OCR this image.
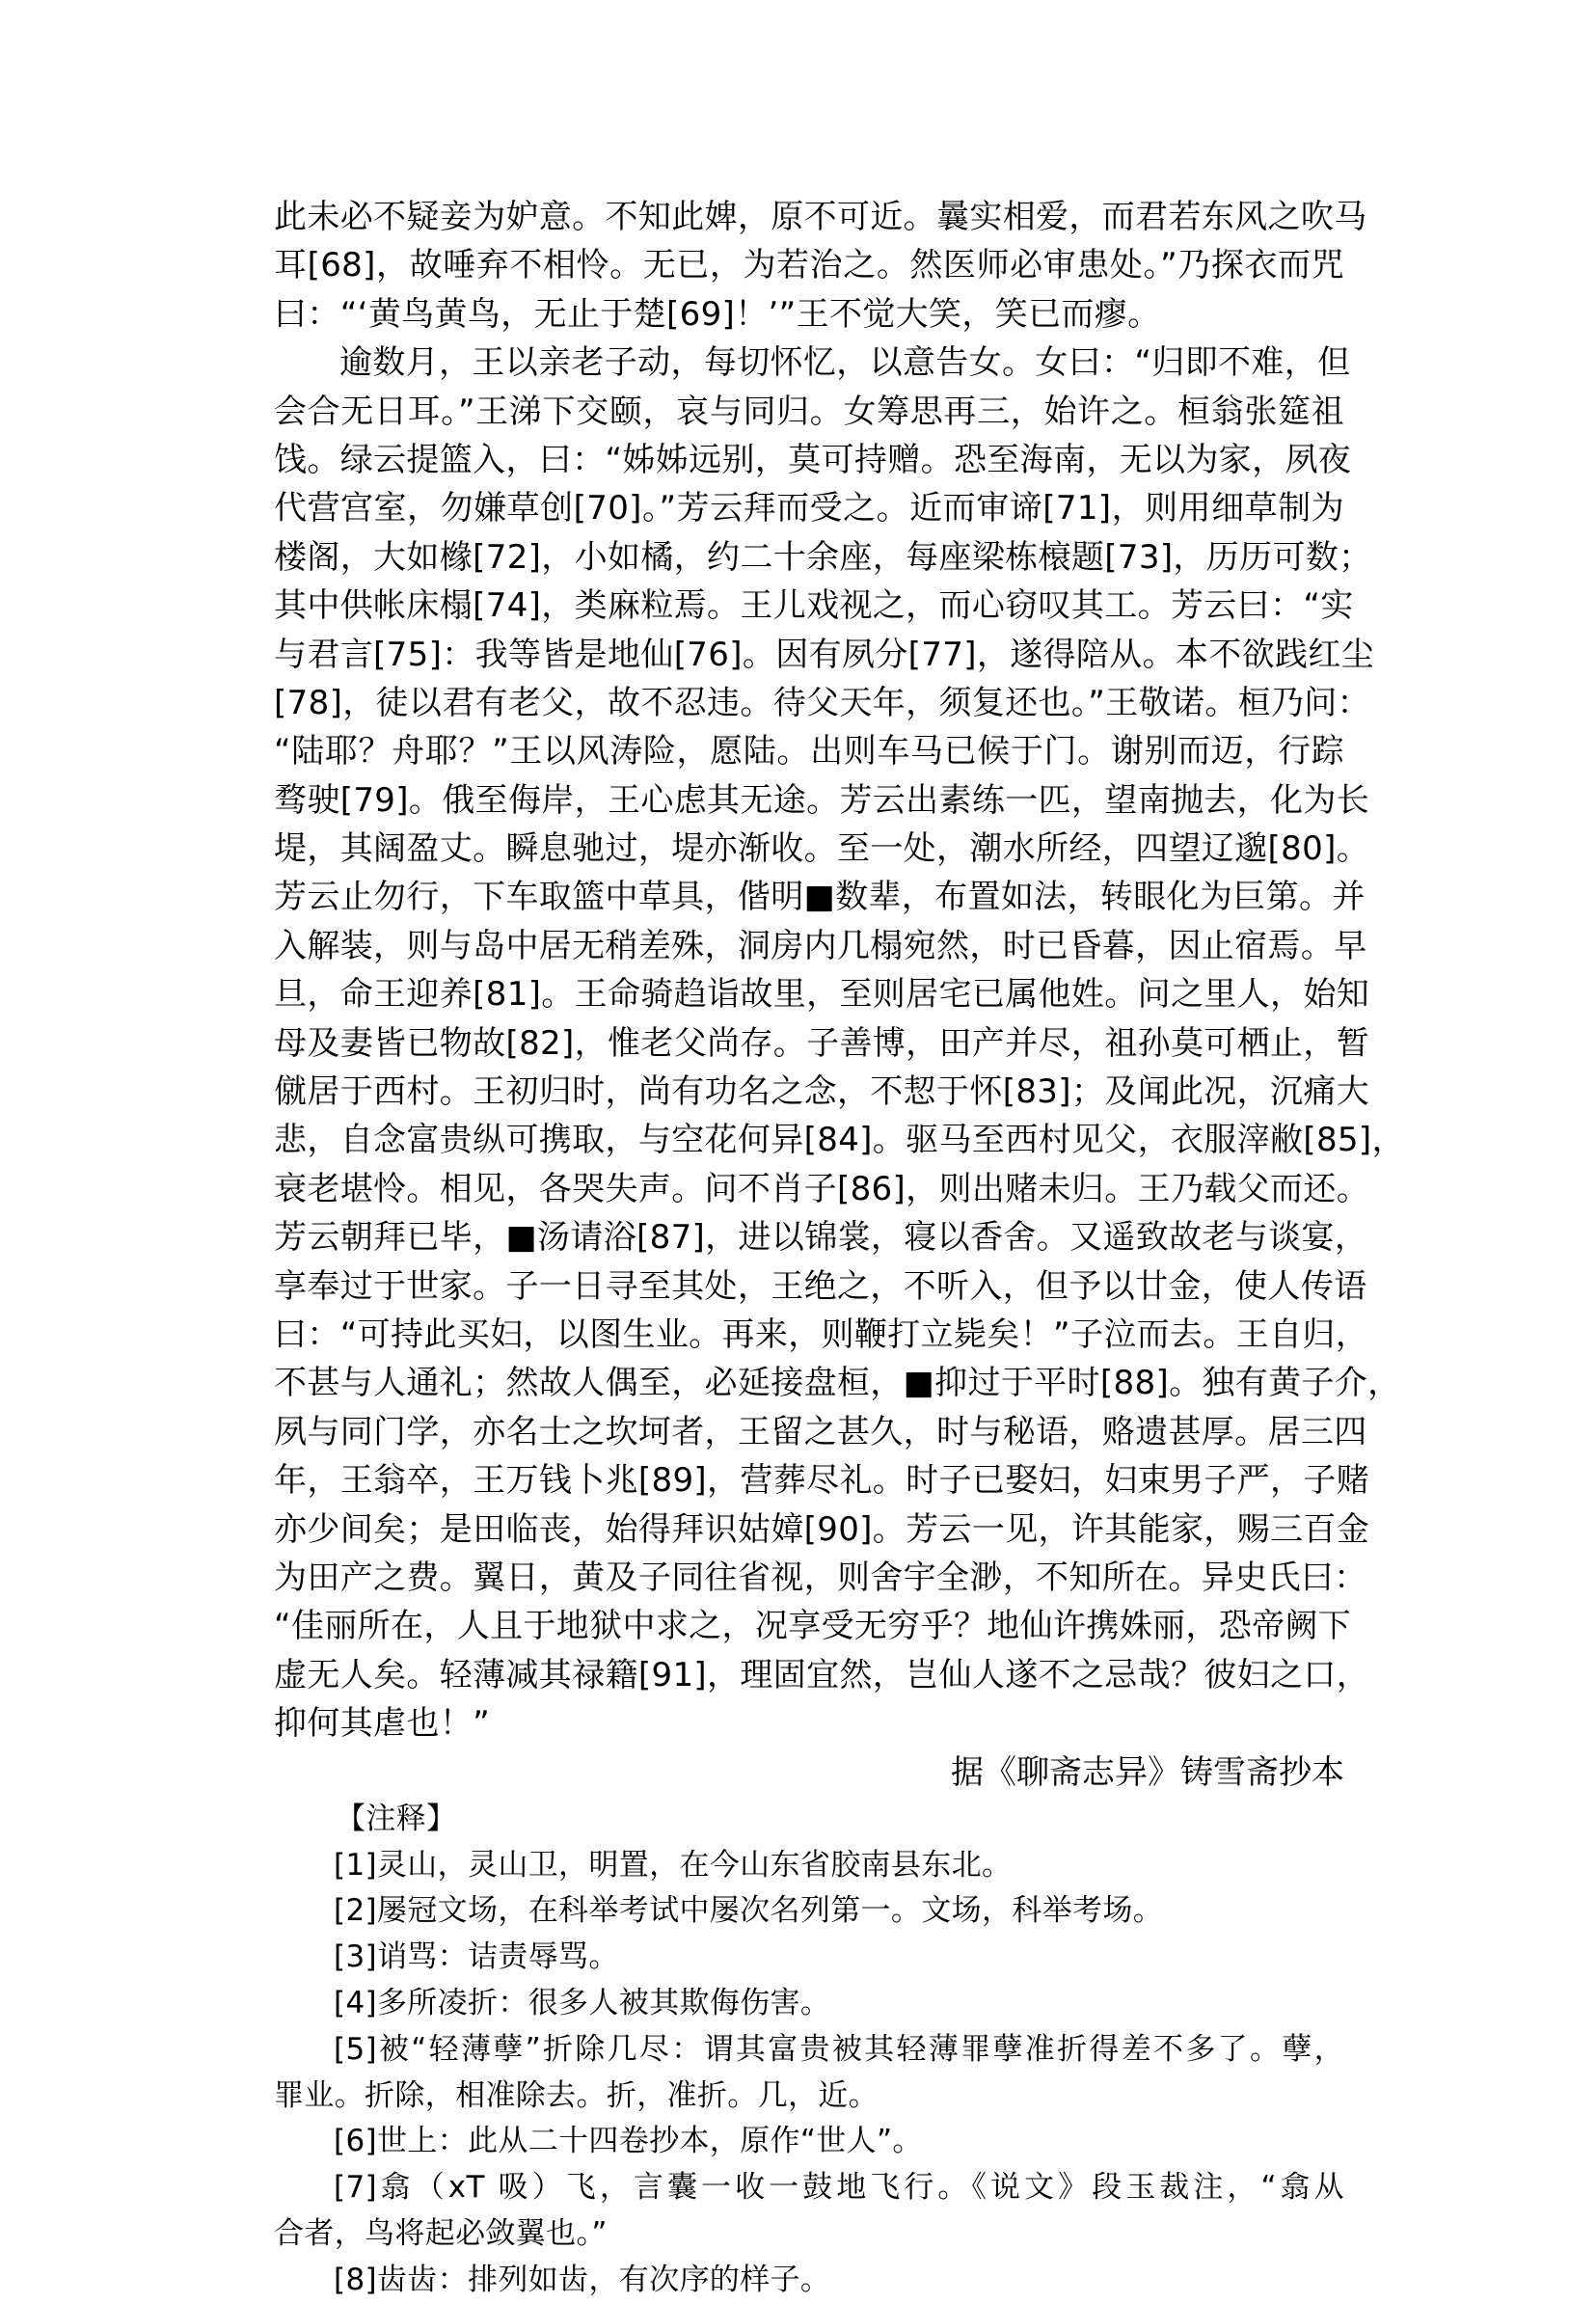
此未必不疑妾为妒意。不知此婢，原不可近。曩实相爱，而君若东风之吹马
耳[68]，故唾弃不相怜。无已，为若治之。然医师必审患处。”乃探衣而咒
曰：“‘黄鸟黄鸟，无止于楚[69]！’”王不觉大笑，笑已而瘳。
逾数月，王以亲老子动，每切怀忆，以意告女。女曰：“归即不难，但
会合无日耳。”王涕下交颐，哀与同归。女筹思再三，始许之。桓翁张筵祖
饯。绿云提篮入，曰：“姊姊远别，莫可持赠。恐至海南，无以为家，夙夜
代营宫室，勿嫌草创[70]。”芳云拜而受之。近而审谛[71]，则用细草制为
楼阁，大如橼[72]，小如橘，约二十余座，每座梁栋榱题[73]，历历可数；
其中供帐床榻[74]，类麻粒焉。王儿戏视之，而心窃叹其工。芳云曰：“实
与君言[75]：我等皆是地仙[76]。因有夙分[77]，遂得陪从。本不欲践红尘
[78]，徒以君有老父，故不忍违。待父天年，须复还也。”王敬诺。桓乃问：
“陆耶？舟耶？”王以风涛险，愿陆。出则车马已候于门。谢别而迈，行踪
骛驶[79]。俄至侮岸，王心虑其无途。芳云出素练一匹，望南抛去，化为长
堤，其阔盈丈。瞬息驰过，堤亦渐收。至一处，潮水所经，四望辽邈[80]。
芳云止勿行，下车取篮中草具，偕明■数辈，布置如法，转眼化为巨第。并
入解装，则与岛中居无稍差殊，洞房内几榻宛然，时已昏暮，因止宿焉。早
旦，命王迎养[81]。王命骑趋诣故里，至则居宅已属他姓。问之里人，始知
母及妻皆已物故[82]，惟老父尚存。子善博，田产并尽，祖孙莫可栖止，暂
僦居于西村。王初归时，尚有功名之念，不恝于怀[83]；及闻此况，沉痛大
悲，自念富贵纵可携取，与空花何异[84]。驱马至西村见父，衣服滓敝[85]，
衰老堪怜。相见，各哭失声。问不肖子[86]，则出赌未归。王乃载父而还。
芳云朝拜已毕，■汤请浴[87]，进以锦裳，寝以香舍。又遥致故老与谈宴，
享奉过于世家。子一日寻至其处，王绝之，不听入，但予以廿金，使人传语
曰：“可持此买妇，以图生业。再来，则鞭打立毙矣！”子泣而去。王自归，
不甚与人通礼；然故人偶至，必延接盘桓，■抑过于平时[88]。独有黄子介，
夙与同门学，亦名士之坎坷者，王留之甚久，时与秘语，赂遗甚厚。居三四
年，王翁卒，王万钱卜兆[89]，营葬尽礼。时子已娶妇，妇束男子严，子赌
亦少间矣；是田临丧，始得拜识姑嫜[90]。芳云一见，许其能家，赐三百金
为田产之费。翼日，黄及子同往省视，则舍宇全渺，不知所在。异史氏曰：
“佳丽所在，人且于地狱中求之，况享受无穷乎？地仙许携姝丽，恐帝阙下
虚无人矣。轻薄减其禄籍[91]，理固宜然，岂仙人遂不之忌哉？彼妇之口，
抑何其虐也！”
据《聊斋志异》铸雪斋抄本
【注释】
[1]灵山，灵山卫，明置，在今山东省胶南县东北。
[2]屡冠文场，在科举考试中屡次名列第一。文场，科举考场。
[3]诮骂：诘责辱骂。
[4]多所凌折：很多人被其欺侮伤害。
[5]被“轻薄孽”折除几尽：谓其富贵被其轻薄罪孽准折得差不多了。孽，
罪业。折除，相准除去。折，准折。几，近。
[6]世上：此从二十四卷抄本，原作“世人”。
[7]翕（xT 吸）飞，言囊一收一鼓地飞行。《说文》段玉裁注，“翕从
合者，鸟将起必敛翼也。”
[8]齿齿：排列如齿，有次序的样子。
